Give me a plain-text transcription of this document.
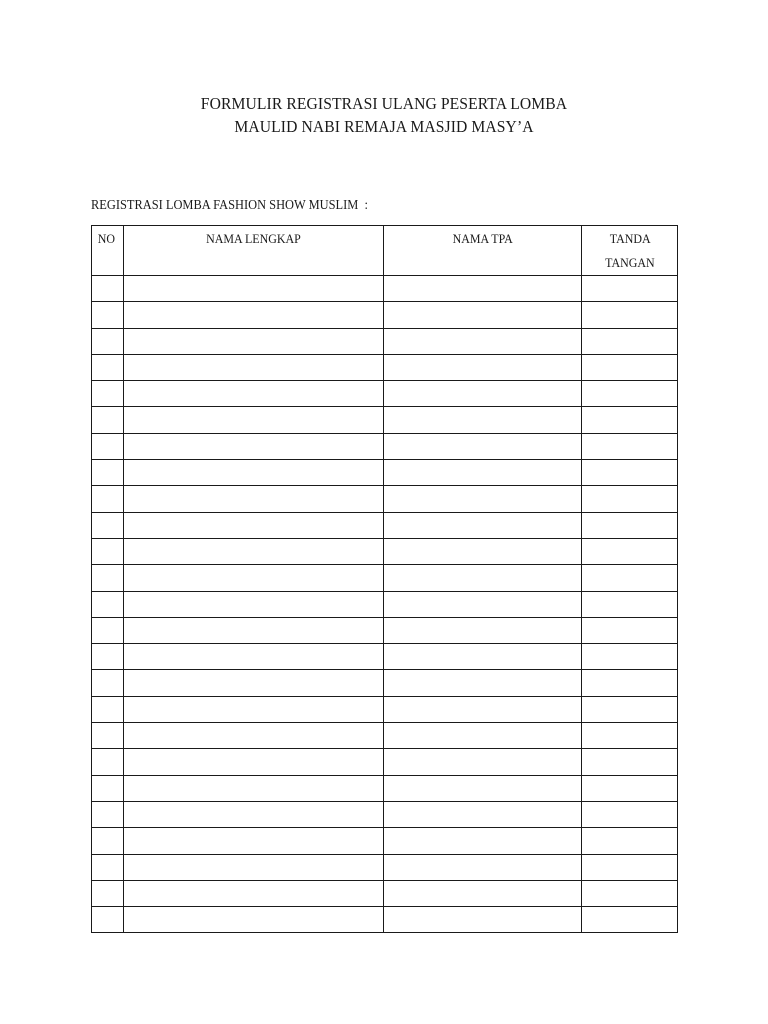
FORMULIR REGISTRASI ULANG PESERTA LOMBA
MAULID NABI REMAJA MASJID MASY’A
REGISTRASI LOMBA FASHION SHOW MUSLIM  :
NO	NAMA LENGKAP	NAMA TPA	TANDA
TANGAN
